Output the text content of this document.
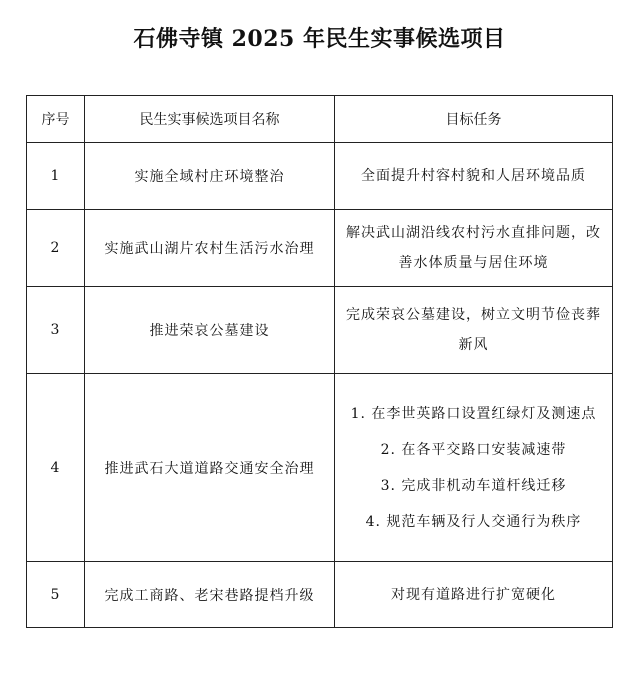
石佛寺镇 2025 年民生实事候选项目
序号	民生实事候选项目名称	目标任务
1	实施全域村庄环境整治	全面提升村容村貌和人居环境品质

2	实施武山湖片农村生活污水治理	解决武山湖沿线农村污水直排问题，改善水体质量与居住环境

3	推进荣哀公墓建设	完成荣哀公墓建设，树立文明节俭丧葬新风

4	推进武石大道道路交通安全治理	1. 在李世英路口设置红绿灯及测速点
2. 在各平交路口安装减速带
3. 完成非机动车道杆线迁移
4. 规范车辆及行人交通行为秩序

5	完成工商路、老宋巷路提档升级	对现有道路进行扩宽硬化
